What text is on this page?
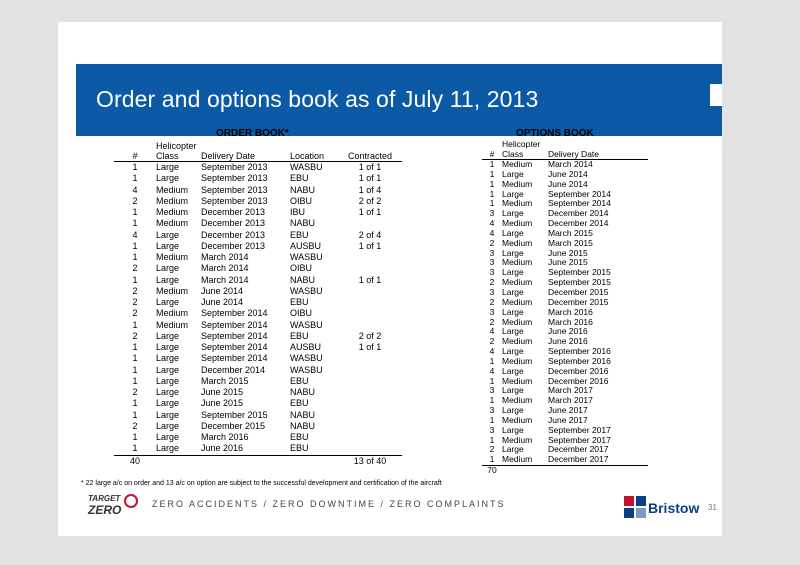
Order and options book as of July 11, 2013
ORDER BOOK*
	Helicopter			
#	Class	Delivery Date	Location	Contracted
1	Large	September 2013	WASBU	1 of 1
1	Large	September 2013	EBU	1 of 1
4	Medium	September 2013	NABU	1 of 4
2	Medium	September 2013	OIBU	2 of 2
1	Medium	December 2013	IBU	1 of 1
1	Medium	December 2013	NABU	
4	Large	December 2013	EBU	2 of 4
1	Large	December 2013	AUSBU	1 of 1
1	Medium	March 2014	WASBU	
2	Large	March 2014	OIBU	
1	Large	March 2014	NABU	1 of 1
2	Medium	June 2014	WASBU	
2	Large	June 2014	EBU	
2	Medium	September 2014	OIBU	
1	Medium	September 2014	WASBU	
2	Large	September 2014	EBU	2 of 2
1	Large	September 2014	AUSBU	1 of 1
1	Large	September 2014	WASBU	
1	Large	December 2014	WASBU	
1	Large	March 2015	EBU	
2	Large	June 2015	NABU	
1	Large	June 2015	EBU	
1	Large	September 2015	NABU	
2	Large	December 2015	NABU	
1	Large	March 2016	EBU	
1	Large	June 2016	EBU	
40				13 of 40
OPTIONS BOOK
	Helicopter	
#	Class	Delivery Date
1	Medium	March 2014
1	Large	June 2014
1	Medium	June 2014
1	Large	September 2014
1	Medium	September 2014
3	Large	December 2014
4	Medium	December 2014
4	Large	March 2015
2	Medium	March 2015
3	Large	June 2015
3	Medium	June 2015
3	Large	September 2015
2	Medium	September 2015
3	Large	December 2015
2	Medium	December 2015
3	Large	March 2016
2	Medium	March 2016
4	Large	June 2016
2	Medium	June 2016
4	Large	September 2016
1	Medium	September 2016
4	Large	December 2016
1	Medium	December 2016
3	Large	March 2017
1	Medium	March 2017
3	Large	June 2017
1	Medium	June 2017
3	Large	September 2017
1	Medium	September 2017
2	Large	December 2017
1	Medium	December 2017
70		
* 22 large a/c on order and 13 a/c on option are subject to the successful development and certification of the aircraft
TARGET
ZERO	ZERO ACCIDENTS / ZERO DOWNTIME / ZERO COMPLAINTS	Bristow 31
